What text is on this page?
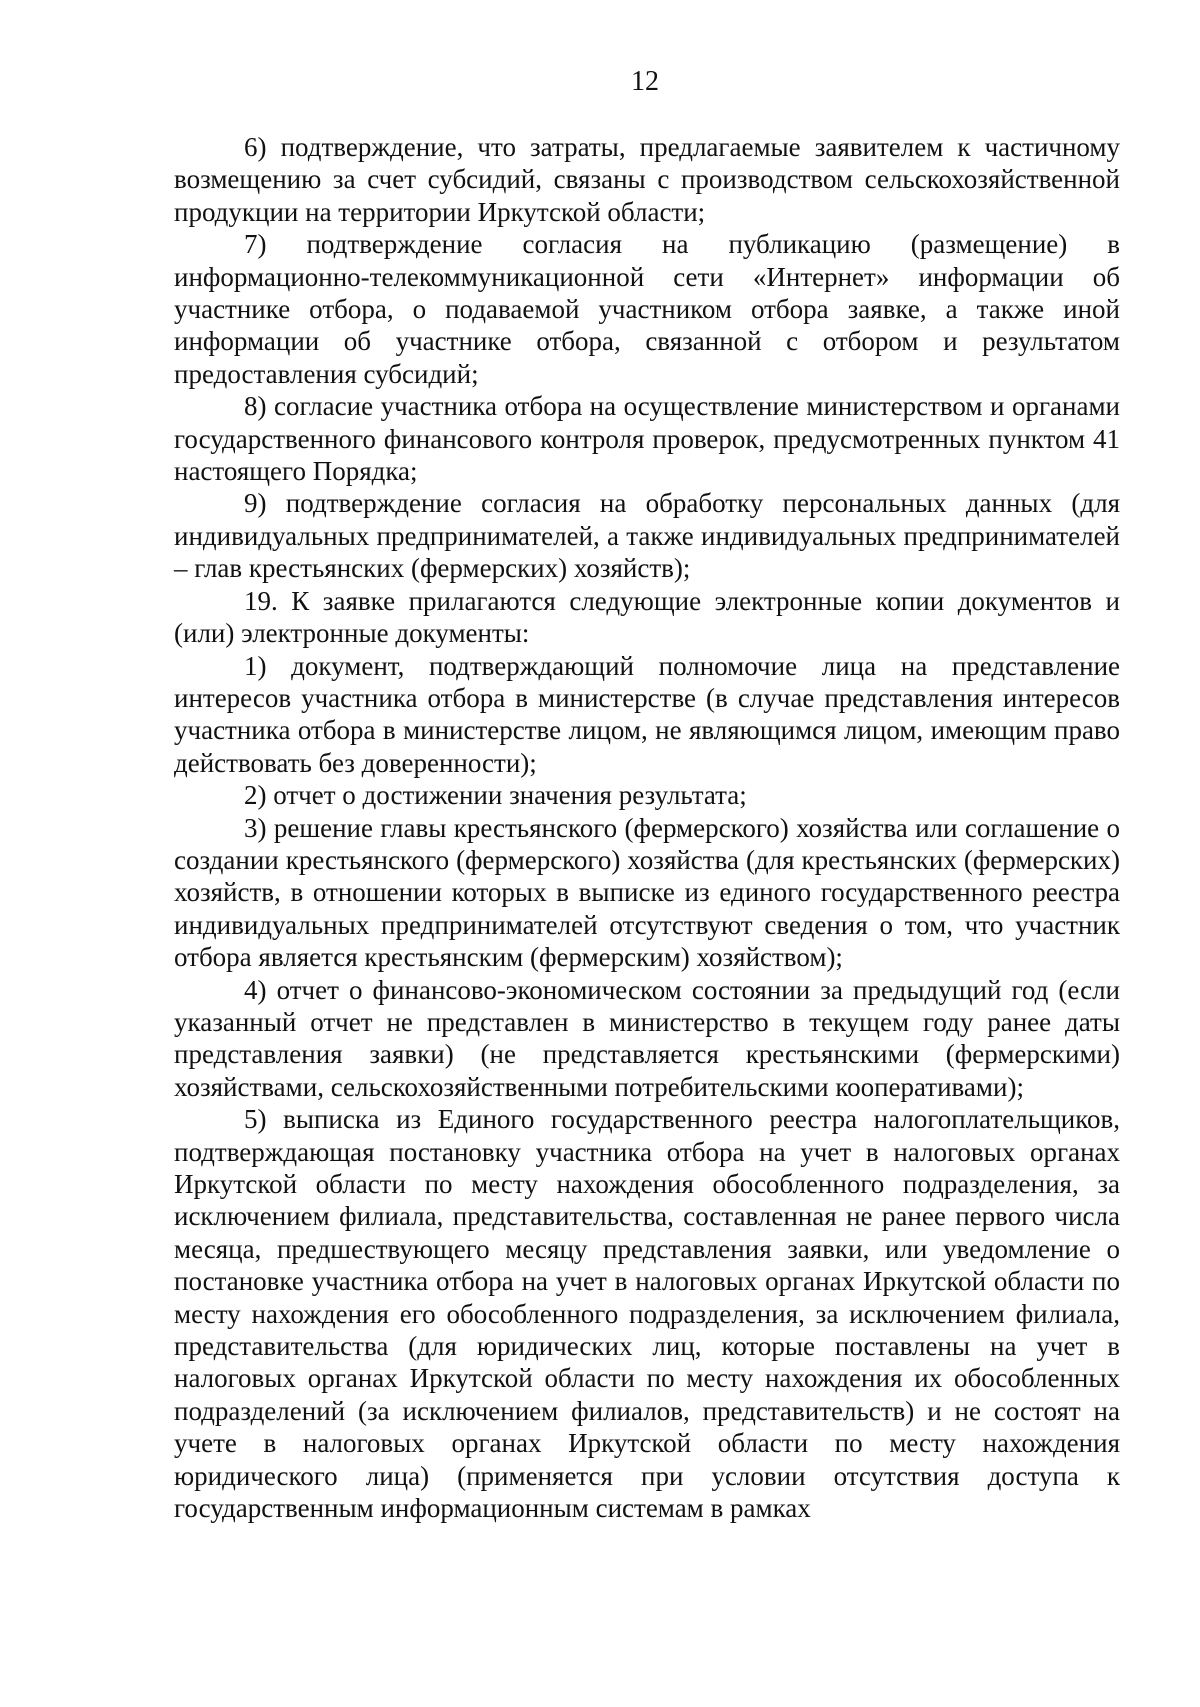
12

6) подтверждение, что затраты, предлагаемые заявителем к частичному возмещению за счет субсидий, связаны с производством сельскохозяйственной продукции на территории Иркутской области;

7) подтверждение согласия на публикацию (размещение) в информационно-телекоммуникационной сети «Интернет» информации об участнике отбора, о подаваемой участником отбора заявке, а также иной информации об участнике отбора, связанной с отбором и результатом предоставления субсидий;

8) согласие участника отбора на осуществление министерством и органами государственного финансового контроля проверок, предусмотренных пунктом 41 настоящего Порядка;

9) подтверждение согласия на обработку персональных данных (для индивидуальных предпринимателей, а также индивидуальных предпринимателей – глав крестьянских (фермерских) хозяйств);

19. К заявке прилагаются следующие электронные копии документов и (или) электронные документы:

1) документ, подтверждающий полномочие лица на представление интересов участника отбора в министерстве (в случае представления интересов участника отбора в министерстве лицом, не являющимся лицом, имеющим право действовать без доверенности);

2) отчет о достижении значения результата;

3) решение главы крестьянского (фермерского) хозяйства или соглашение о создании крестьянского (фермерского) хозяйства (для крестьянских (фермерских) хозяйств, в отношении которых в выписке из единого государственного реестра индивидуальных предпринимателей отсутствуют сведения о том, что участник отбора является крестьянским (фермерским) хозяйством);

4) отчет о финансово-экономическом состоянии за предыдущий год (если указанный отчет не представлен в министерство в текущем году ранее даты представления заявки) (не представляется крестьянскими (фермерскими) хозяйствами, сельскохозяйственными потребительскими кооперативами);

5) выписка из Единого государственного реестра налогоплательщиков, подтверждающая постановку участника отбора на учет в налоговых органах Иркутской области по месту нахождения обособленного подразделения, за исключением филиала, представительства, составленная не ранее первого числа месяца, предшествующего месяцу представления заявки, или уведомление о постановке участника отбора на учет в налоговых органах Иркутской области по месту нахождения его обособленного подразделения, за исключением филиала, представительства (для юридических лиц, которые поставлены на учет в налоговых органах Иркутской области по месту нахождения их обособленных подразделений (за исключением филиалов, представительств) и не состоят на учете в налоговых органах Иркутской области по месту нахождения юридического лица) (применяется при условии отсутствия доступа к государственным информационным системам в рамках
